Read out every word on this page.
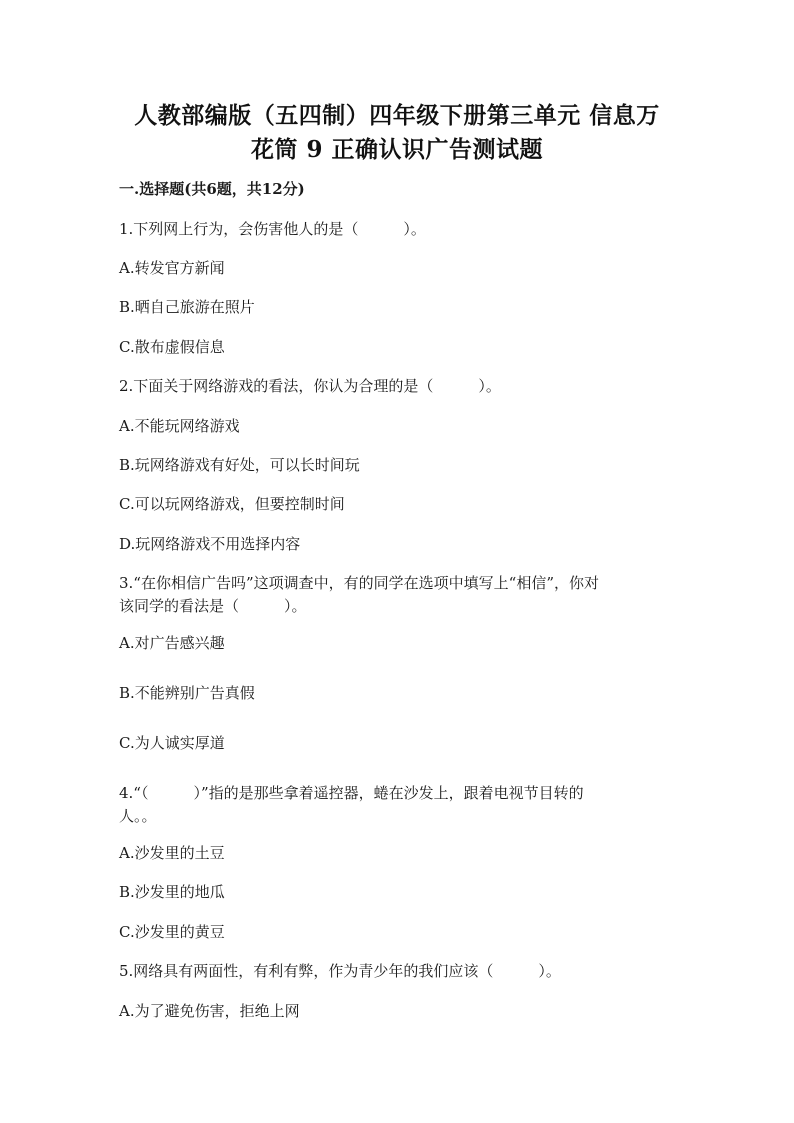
人教部编版（五四制）四年级下册第三单元 信息万
花筒 9 正确认识广告测试题
一.选择题(共6题，共12分)
1.下列网上行为，会伤害他人的是（　　　）。
A.转发官方新闻
B.晒自己旅游在照片
C.散布虚假信息
2.下面关于网络游戏的看法，你认为合理的是（　　　）。
A.不能玩网络游戏
B.玩网络游戏有好处，可以长时间玩
C.可以玩网络游戏，但要控制时间
D.玩网络游戏不用选择内容
3.“在你相信广告吗”这项调查中，有的同学在选项中填写上“相信”，你对
该同学的看法是（　　　）。
A.对广告感兴趣
B.不能辨别广告真假
C.为人诚实厚道
4.“（　　　）”指的是那些拿着遥控器，蜷在沙发上，跟着电视节目转的
人。。
A.沙发里的土豆
B.沙发里的地瓜
C.沙发里的黄豆
5.网络具有两面性，有利有弊，作为青少年的我们应该（　　　）。
A.为了避免伤害，拒绝上网
